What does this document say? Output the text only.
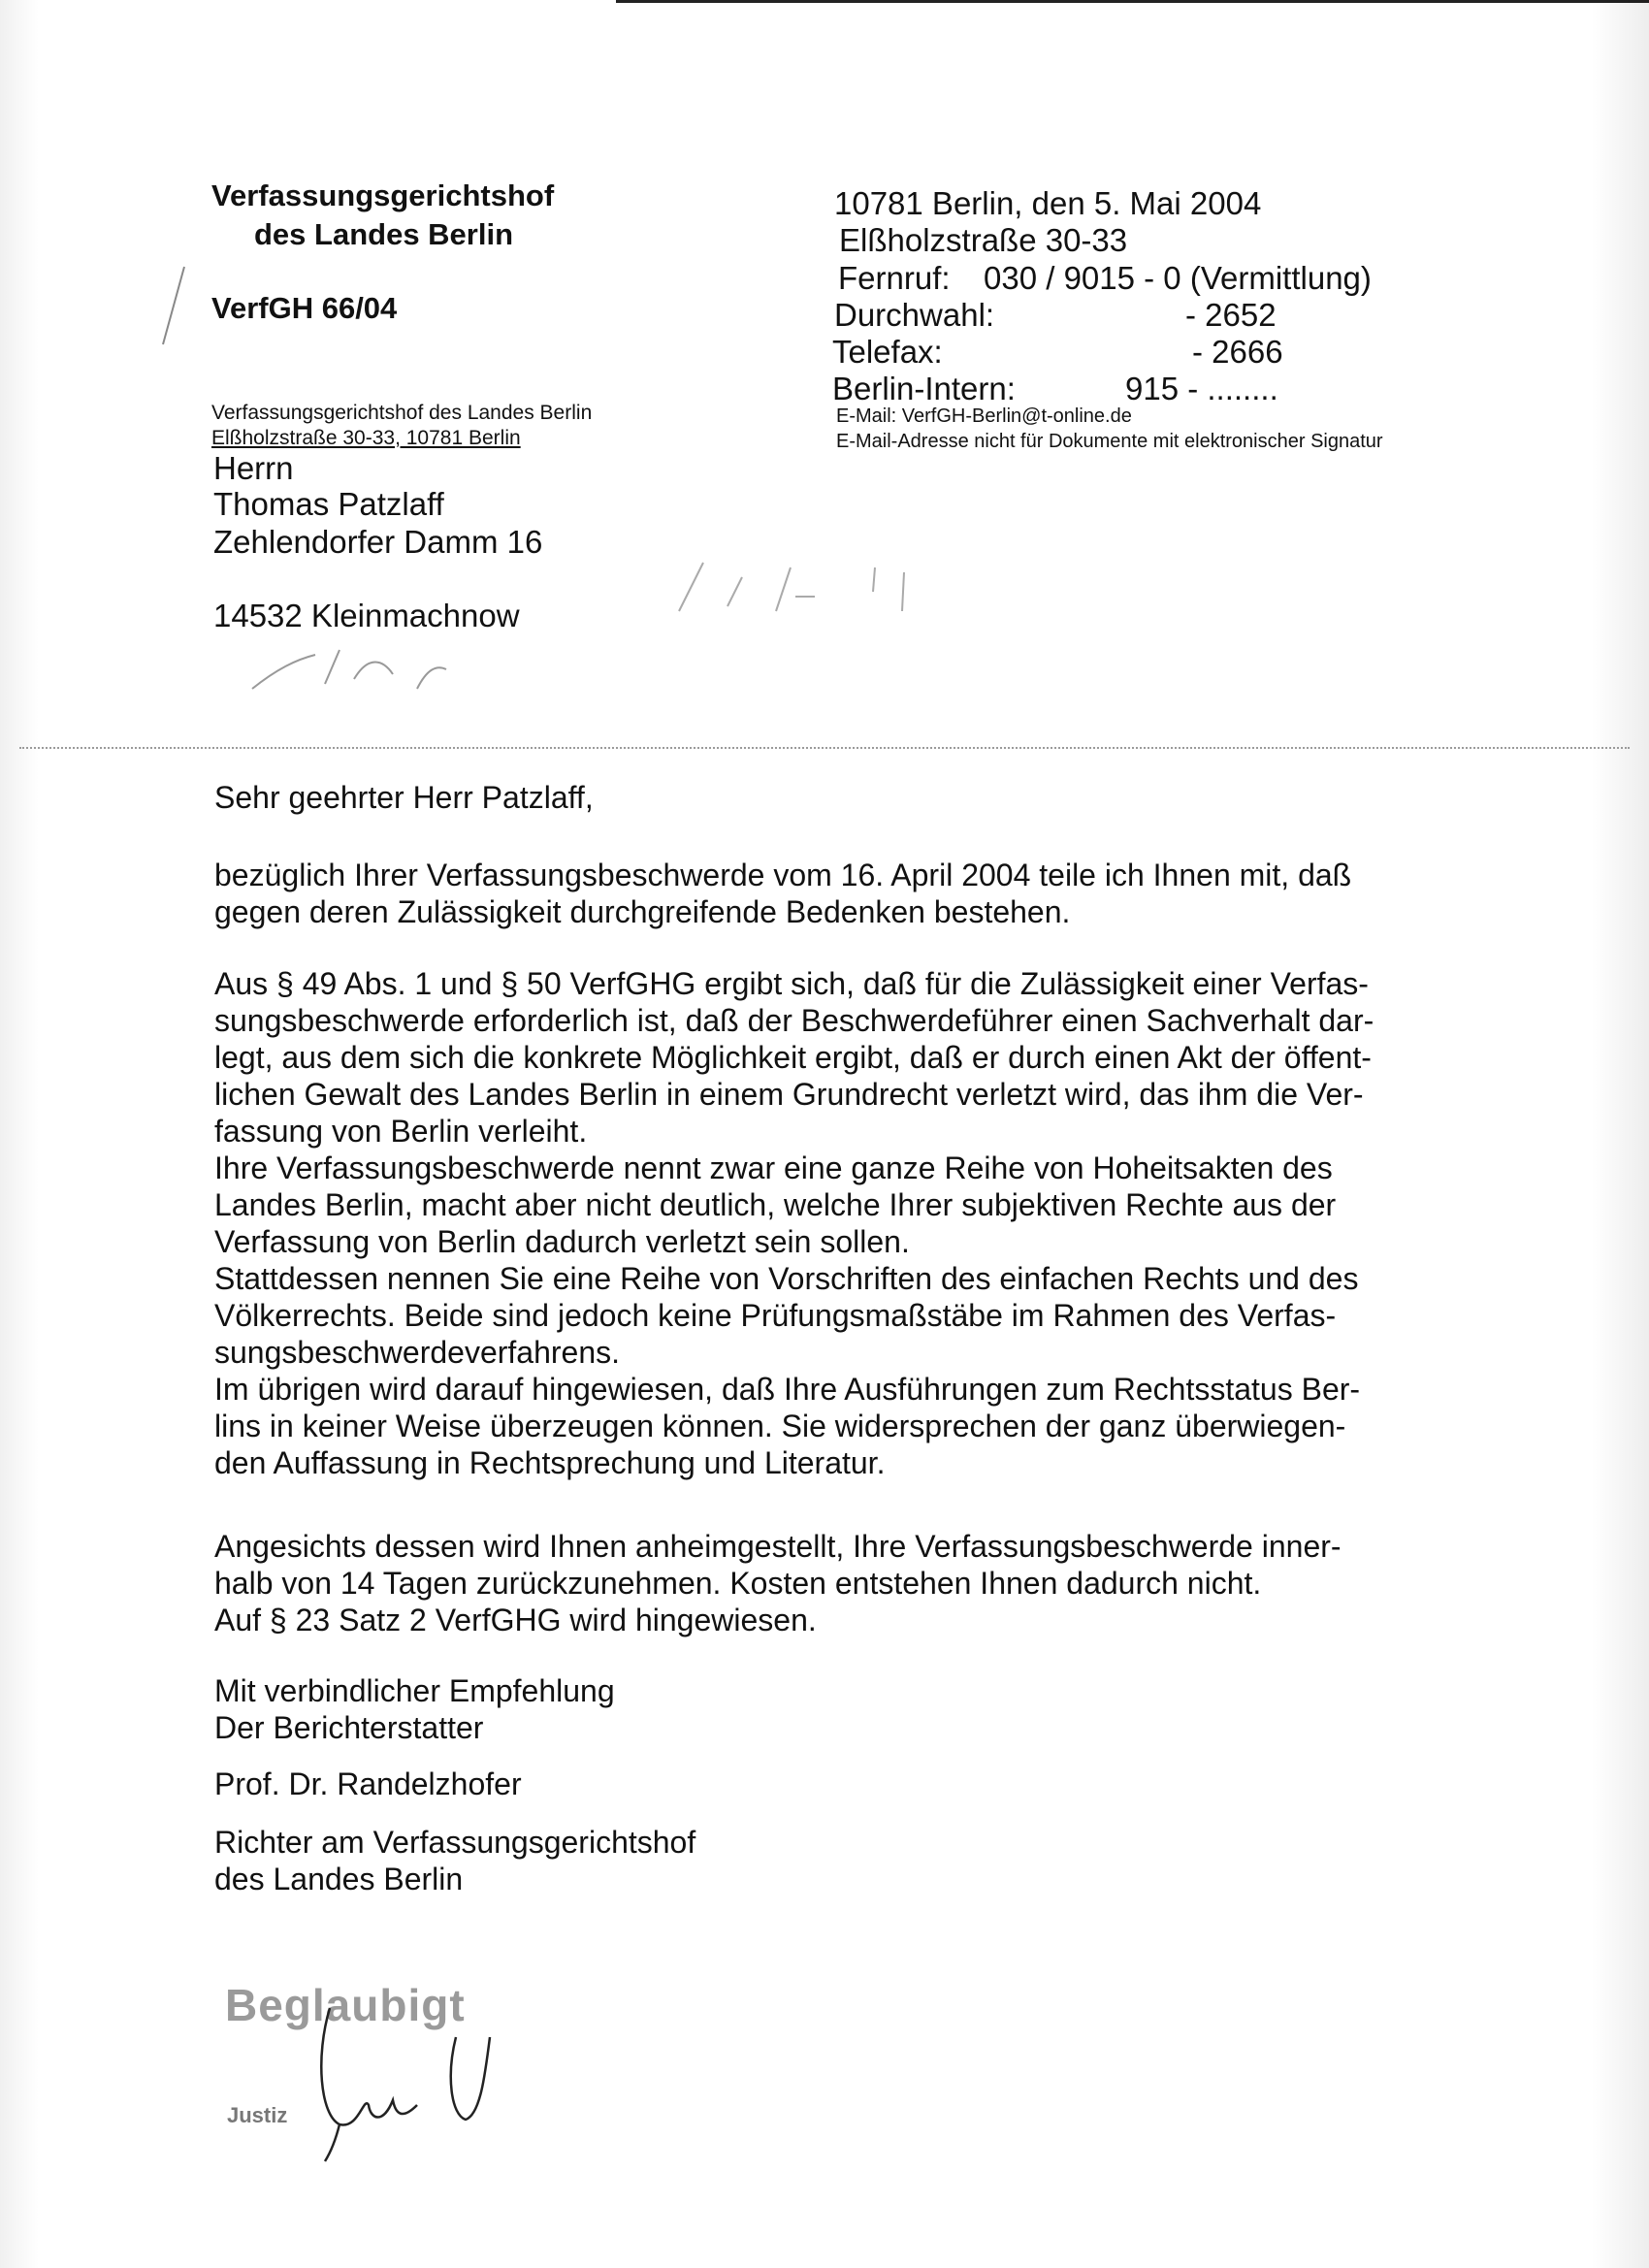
Verfassungsgerichtshof
des Landes Berlin
VerfGH 66/04
Verfassungsgerichtshof des Landes Berlin
Elßholzstraße 30-33, 10781 Berlin
Herrn
Thomas Patzlaff
Zehlendorfer Damm 16
14532 Kleinmachnow
10781 Berlin, den 5. Mai 2004
Elßholzstraße 30-33
Fernruf: 030 / 9015 - 0 (Vermittlung)
Durchwahl:	- 2652
Telefax:	- 2666
Berlin-Intern:	915 - ........
E-Mail: VerfGH-Berlin@t-online.de
E-Mail-Adresse nicht für Dokumente mit elektronischer Signatur

Sehr geehrter Herr Patzlaff,

bezüglich Ihrer Verfassungsbeschwerde vom 16. April 2004 teile ich Ihnen mit, daß

gegen deren Zulässigkeit durchgreifende Bedenken bestehen.

Aus § 49 Abs. 1 und § 50 VerfGHG ergibt sich, daß für die Zulässigkeit einer Verfas-

sungsbeschwerde erforderlich ist, daß der Beschwerdeführer einen Sachverhalt dar-

legt, aus dem sich die konkrete Möglichkeit ergibt, daß er durch einen Akt der öffent-

lichen Gewalt des Landes Berlin in einem Grundrecht verletzt wird, das ihm die Ver-

fassung von Berlin verleiht.

Ihre Verfassungsbeschwerde nennt zwar eine ganze Reihe von Hoheitsakten des

Landes Berlin, macht aber nicht deutlich, welche Ihrer subjektiven Rechte aus der

Verfassung von Berlin dadurch verletzt sein sollen.

Stattdessen nennen Sie eine Reihe von Vorschriften des einfachen Rechts und des

Völkerrechts. Beide sind jedoch keine Prüfungsmaßstäbe im Rahmen des Verfas-

sungsbeschwerdeverfahrens.

Im übrigen wird darauf hingewiesen, daß Ihre Ausführungen zum Rechtsstatus Ber-

lins in keiner Weise überzeugen können. Sie widersprechen der ganz überwiegen-

den Auffassung in Rechtsprechung und Literatur.

Angesichts dessen wird Ihnen anheimgestellt, Ihre Verfassungsbeschwerde inner-

halb von 14 Tagen zurückzunehmen. Kosten entstehen Ihnen dadurch nicht.

Auf § 23 Satz 2 VerfGHG wird hingewiesen.

Mit verbindlicher Empfehlung

Der Berichterstatter

Prof. Dr. Randelzhofer

Richter am Verfassungsgerichtshof

des Landes Berlin

Beglaubigt
Justiz
